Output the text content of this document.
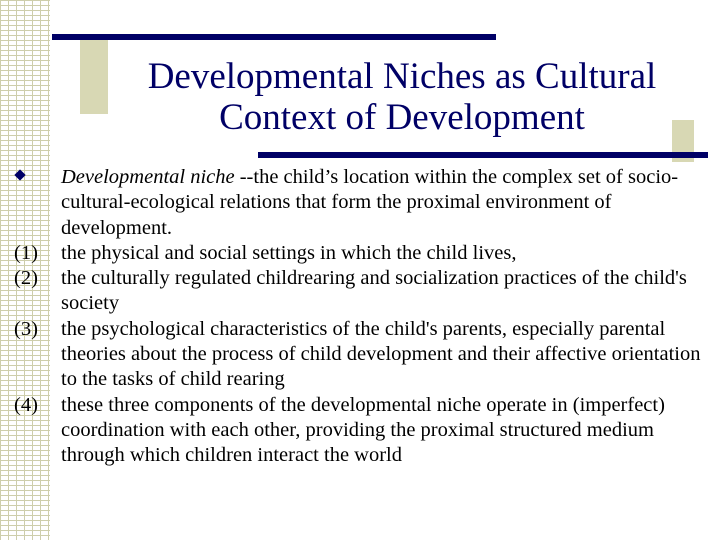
Developmental Niches as Cultural
Context of Development
Developmental niche --the child’s location within the complex set of socio-cultural-ecological relations that form the proximal environment of development.
(1)	the physical and social settings in which the child lives,
(2)	the culturally regulated childrearing and socialization practices of the child's society
(3)	the psychological characteristics of the child's parents, especially parental theories about the process of child development and their affective orientation to the tasks of child rearing
(4)	these three components of the developmental niche operate in (imperfect) coordination with each other, providing the proximal structured medium through which children interact the world
